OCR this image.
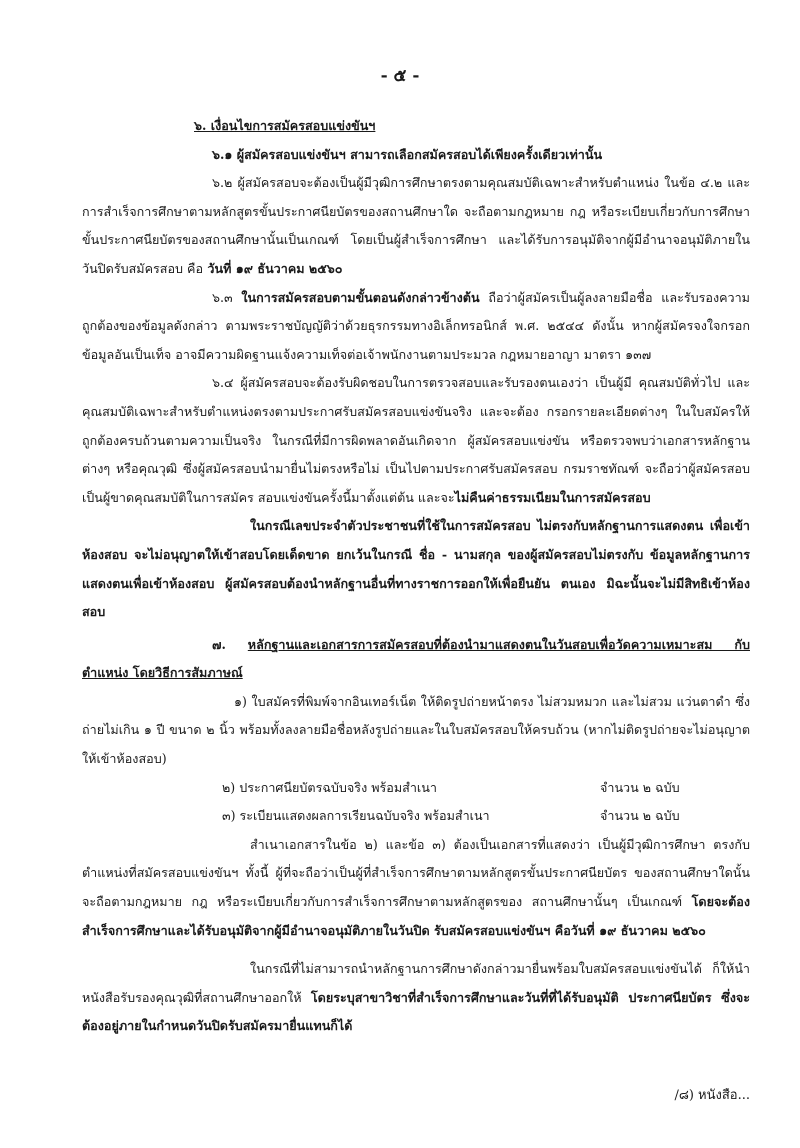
- ๕ -

๖. เงื่อนไขการสมัครสอบแข่งขันฯ

๖.๑ ผู้สมัครสอบแข่งขันฯ สามารถเลือกสมัครสอบได้เพียงครั้งเดียวเท่านั้น

๖.๒ ผู้สมัครสอบจะต้องเป็นผู้มีวุฒิการศึกษาตรงตามคุณสมบัติเฉพาะสำหรับตำแหน่ง ในข้อ ๔.๒ และการสำเร็จการศึกษาตามหลักสูตรขั้นประกาศนียบัตรของสถานศึกษาใด จะถือตามกฎหมาย กฎ หรือระเบียบเกี่ยวกับการศึกษาขั้นประกาศนียบัตรของสถานศึกษานั้นเป็นเกณฑ์ โดยเป็นผู้สำเร็จการศึกษา และได้รับการอนุมัติจากผู้มีอำนาจอนุมัติภายในวันปิดรับสมัครสอบ คือ วันที่ ๑๙ ธันวาคม ๒๕๖๐

๖.๓ ในการสมัครสอบตามขั้นตอนดังกล่าวข้างต้น ถือว่าผู้สมัครเป็นผู้ลงลายมือชื่อ และรับรองความถูกต้องของข้อมูลดังกล่าว ตามพระราชบัญญัติว่าด้วยธุรกรรมทางอิเล็กทรอนิกส์ พ.ศ. ๒๕๔๔ ดังนั้น หากผู้สมัครจงใจกรอกข้อมูลอันเป็นเท็จ อาจมีความผิดฐานแจ้งความเท็จต่อเจ้าพนักงานตามประมวล กฎหมายอาญา มาตรา ๑๓๗

๖.๔ ผู้สมัครสอบจะต้องรับผิดชอบในการตรวจสอบและรับรองตนเองว่า เป็นผู้มี คุณสมบัติทั่วไป และคุณสมบัติเฉพาะสำหรับตำแหน่งตรงตามประกาศรับสมัครสอบแข่งขันจริง และจะต้อง กรอกรายละเอียดต่างๆ ในใบสมัครให้ถูกต้องครบถ้วนตามความเป็นจริง ในกรณีที่มีการผิดพลาดอันเกิดจาก ผู้สมัครสอบแข่งขัน หรือตรวจพบว่าเอกสารหลักฐานต่างๆ หรือคุณวุฒิ ซึ่งผู้สมัครสอบนำมายื่นไม่ตรงหรือไม่ เป็นไปตามประกาศรับสมัครสอบ กรมราชทัณฑ์ จะถือว่าผู้สมัครสอบเป็นผู้ขาดคุณสมบัติในการสมัคร สอบแข่งขันครั้งนี้มาตั้งแต่ต้น และจะไม่คืนค่าธรรมเนียมในการสมัครสอบ

ในกรณีเลขประจำตัวประชาชนที่ใช้ในการสมัครสอบ ไม่ตรงกับหลักฐานการแสดงตน เพื่อเข้าห้องสอบ จะไม่อนุญาตให้เข้าสอบโดยเด็ดขาด ยกเว้นในกรณี ชื่อ - นามสกุล ของผู้สมัครสอบไม่ตรงกับ ข้อมูลหลักฐานการแสดงตนเพื่อเข้าห้องสอบ ผู้สมัครสอบต้องนำหลักฐานอื่นที่ทางราชการออกให้เพื่อยืนยัน ตนเอง มิฉะนั้นจะไม่มีสิทธิเข้าห้องสอบ

๗. หลักฐานและเอกสารการสมัครสอบที่ต้องนำมาแสดงตนในวันสอบเพื่อวัดความเหมาะสม กับตำแหน่ง โดยวิธีการสัมภาษณ์

๑) ใบสมัครที่พิมพ์จากอินเทอร์เน็ต ให้ติดรูปถ่ายหน้าตรง ไม่สวมหมวก และไม่สวม แว่นตาดำ ซึ่งถ่ายไม่เกิน ๑ ปี ขนาด ๒ นิ้ว พร้อมทั้งลงลายมือชื่อหลังรูปถ่ายและในใบสมัครสอบให้ครบถ้วน (หากไม่ติดรูปถ่ายจะไม่อนุญาตให้เข้าห้องสอบ)

๒) ประกาศนียบัตรฉบับจริง พร้อมสำเนา	จำนวน ๒ ฉบับ
๓) ระเบียนแสดงผลการเรียนฉบับจริง พร้อมสำเนา	จำนวน ๒ ฉบับ

สำเนาเอกสารในข้อ ๒) และข้อ ๓) ต้องเป็นเอกสารที่แสดงว่า เป็นผู้มีวุฒิการศึกษา ตรงกับตำแหน่งที่สมัครสอบแข่งขันฯ ทั้งนี้ ผู้ที่จะถือว่าเป็นผู้ที่สำเร็จการศึกษาตามหลักสูตรขั้นประกาศนียบัตร ของสถานศึกษาใดนั้น จะถือตามกฎหมาย กฎ หรือระเบียบเกี่ยวกับการสำเร็จการศึกษาตามหลักสูตรของ สถานศึกษานั้นๆ เป็นเกณฑ์ โดยจะต้องสำเร็จการศึกษาและได้รับอนุมัติจากผู้มีอำนาจอนุมัติภายในวันปิด รับสมัครสอบแข่งขันฯ คือวันที่ ๑๙ ธันวาคม ๒๕๖๐

ในกรณีที่ไม่สามารถนำหลักฐานการศึกษาดังกล่าวมายื่นพร้อมใบสมัครสอบแข่งขันได้ ก็ให้นำหนังสือรับรองคุณวุฒิที่สถานศึกษาออกให้ โดยระบุสาขาวิชาที่สำเร็จการศึกษาและวันที่ที่ได้รับอนุมัติ ประกาศนียบัตร ซึ่งจะต้องอยู่ภายในกำหนดวันปิดรับสมัครมายื่นแทนก็ได้

/๘) หนังสือ...
